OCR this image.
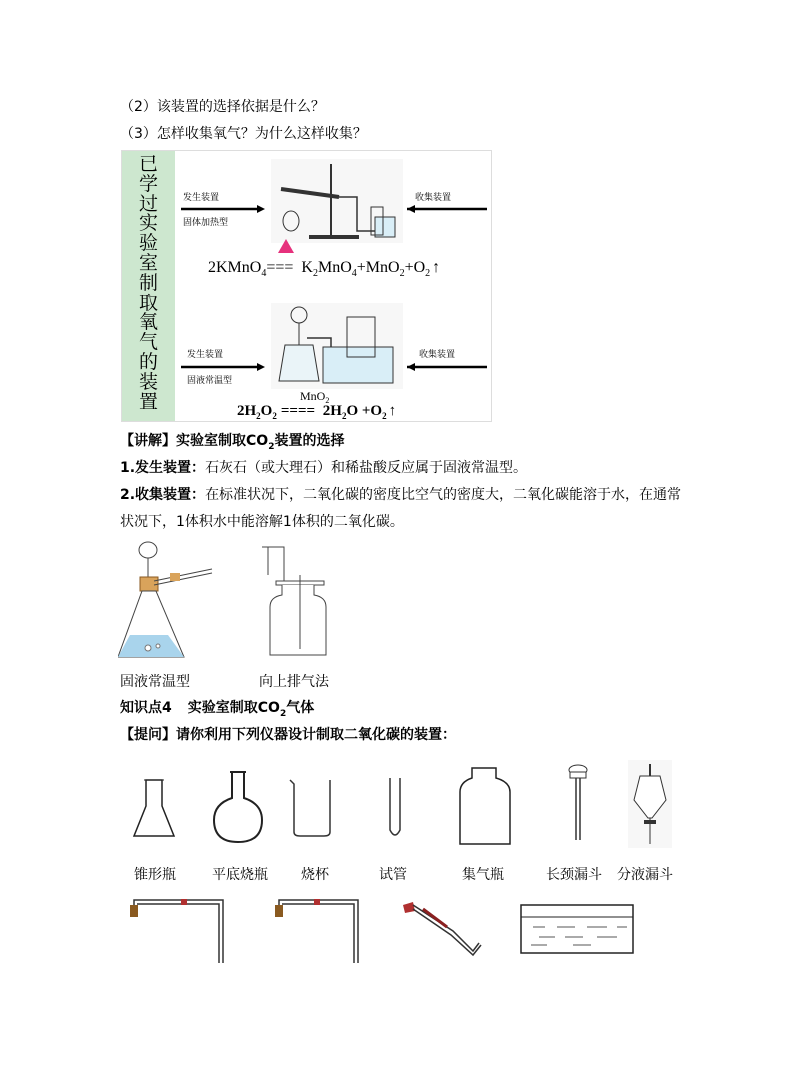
（2）该装置的选择依据是什么？
（3）怎样收集氧气？为什么这样收集？
已
学
过
实
验
室
制
取
氧
气
的
装
置
发生装置
固体加热型
收集装置
2KMnO$_4$=== $K_2MnO_4+MnO_2+O_2$ ↑
发生装置
固液常温型
收集装置
MnO$_2$
$2H_2O_2$ ==== $2H_2O +O_2$ ↑
【讲解】实验室制取$CO_2$装置的选择
1.发生装置：石灰石（或大理石）和稀盐酸反应属于固液常温型。
2.收集装置：在标准状况下，二氧化碳的密度比空气的密度大，二氧化碳能溶于水，在通常
状况下，1体积水中能溶解1体积的二氧化碳。
固液常温型	向上排气法
知识点4 实验室制取$CO_2$气体
【提问】请你利用下列仪器设计制取二氧化碳的装置：
锥形瓶	平底烧瓶 烧杯	试管	集气瓶	长颈漏斗 分液漏斗
